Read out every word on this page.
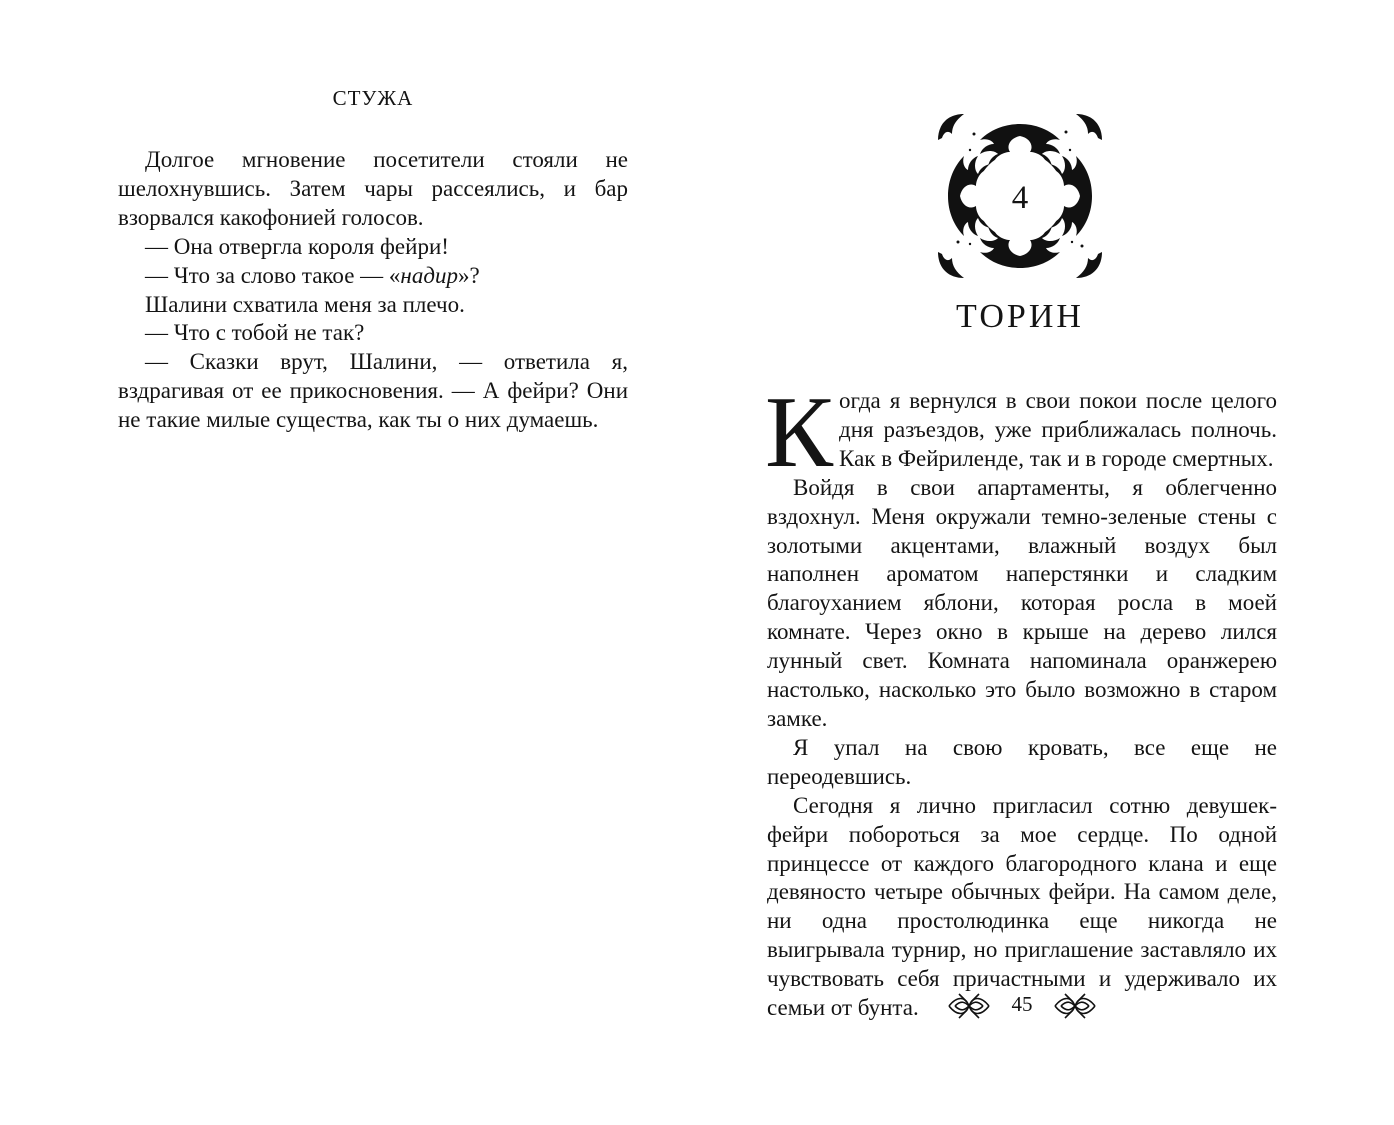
СТУЖА

Долгое мгновение посетители стояли не шелохнувшись. Затем чары рассеялись, и бар взорвался какофонией голосов.

— Она отвергла короля фейри!

— Что за слово такое — «надир»?

Шалини схватила меня за плечо.

— Что с тобой не так?

— Сказки врут, Шалини, — ответила я, вздрагивая от ее прикосновения. — А фейри? Они не такие милые существа, как ты о них думаешь.

4
ТОРИН

Когда я вернулся в свои покои после целого дня разъездов, уже приближалась полночь. Как в Фейриленде, так и в городе смертных.

Войдя в свои апартаменты, я облегченно вздохнул. Меня окружали темно-зеленые стены с золотыми акцентами, влажный воздух был наполнен ароматом наперстянки и сладким благоуханием яблони, которая росла в моей комнате. Через окно в крыше на дерево лился лунный свет. Комната напоминала оранжерею настолько, насколько это было возможно в старом замке.

Я упал на свою кровать, все еще не переодевшись.

Сегодня я лично пригласил сотню девушек-фейри побороться за мое сердце. По одной принцессе от каждого благородного клана и еще девяносто четыре обычных фейри. На самом деле, ни одна простолюдинка еще никогда не выигрывала турнир, но приглашение заставляло их чувствовать себя причастными и удерживало их семьи от бунта.	45
